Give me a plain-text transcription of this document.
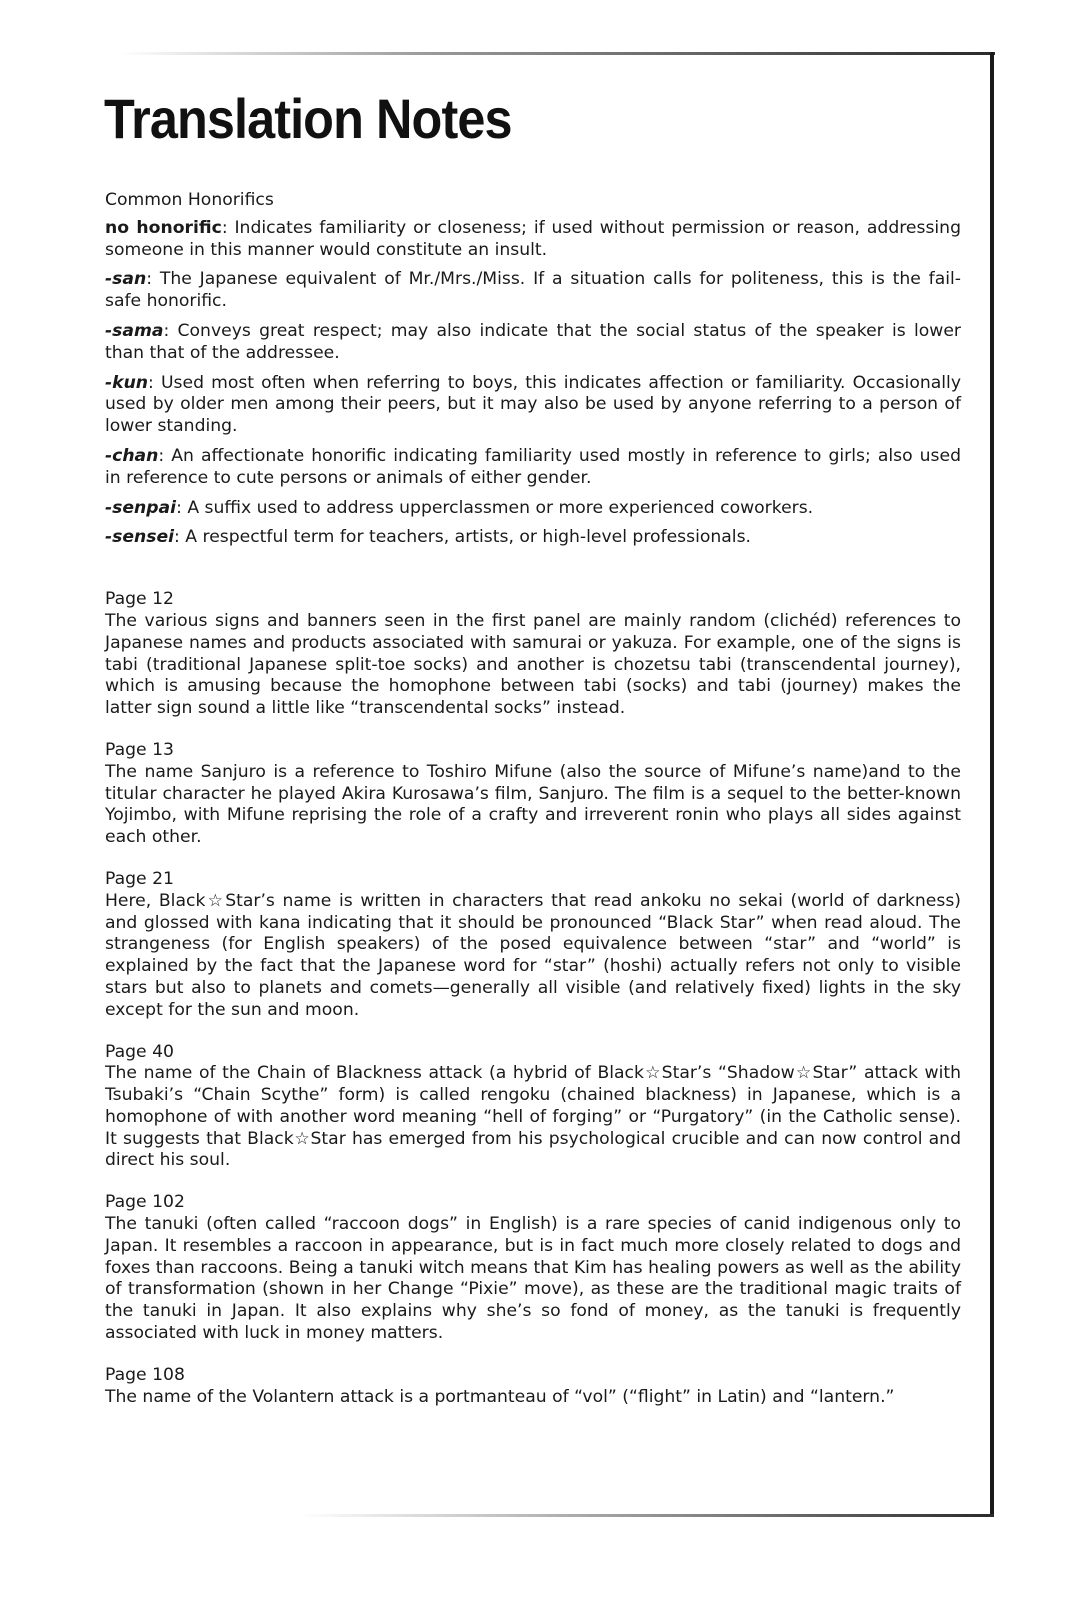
Translation Notes
Common Honorifics

no honorific: Indicates familiarity or closeness; if used without permission or reason, addressing someone in this manner would constitute an insult.

-san: The Japanese equivalent of Mr./Mrs./Miss. If a situation calls for politeness, this is the fail-safe honorific.

-sama: Conveys great respect; may also indicate that the social status of the speaker is lower than that of the addressee.

-kun: Used most often when referring to boys, this indicates affection or familiarity. Occasionally used by older men among their peers, but it may also be used by anyone referring to a person of lower standing.

-chan: An affectionate honorific indicating familiarity used mostly in reference to girls; also used in reference to cute persons or animals of either gender.

-senpai: A suffix used to address upperclassmen or more experienced coworkers.

-sensei: A respectful term for teachers, artists, or high-level professionals.

Page 12
The various signs and banners seen in the first panel are mainly random (clichéd) references to Japanese names and products associated with samurai or yakuza. For example, one of the signs is tabi (traditional Japanese split-toe socks) and another is chozetsu tabi (transcendental journey), which is amusing because the homophone between tabi (socks) and tabi (journey) makes the latter sign sound a little like “transcendental socks” instead.

Page 13
The name Sanjuro is a reference to Toshiro Mifune (also the source of Mifune’s name)and to the titular character he played Akira Kurosawa’s film, Sanjuro. The film is a sequel to the better-known Yojimbo, with Mifune reprising the role of a crafty and irreverent ronin who plays all sides against each other.

Page 21
Here, Black☆Star’s name is written in characters that read ankoku no sekai (world of darkness) and glossed with kana indicating that it should be pronounced “Black Star” when read aloud. The strangeness (for English speakers) of the posed equivalence between “star” and “world” is explained by the fact that the Japanese word for “star” (hoshi) actually refers not only to visible stars but also to planets and comets—generally all visible (and relatively fixed) lights in the sky except for the sun and moon.

Page 40
The name of the Chain of Blackness attack (a hybrid of Black☆Star’s “Shadow☆Star” attack with Tsubaki’s “Chain Scythe” form) is called rengoku (chained blackness) in Japanese, which is a homophone of with another word meaning “hell of forging” or “Purgatory” (in the Catholic sense). It suggests that Black☆Star has emerged from his psychological crucible and can now control and direct his soul.

Page 102
The tanuki (often called “raccoon dogs” in English) is a rare species of canid indigenous only to Japan. It resembles a raccoon in appearance, but is in fact much more closely related to dogs and foxes than raccoons. Being a tanuki witch means that Kim has healing powers as well as the ability of transformation (shown in her Change “Pixie” move), as these are the traditional magic traits of the tanuki in Japan. It also explains why she’s so fond of money, as the tanuki is frequently associated with luck in money matters.

Page 108
The name of the Volantern attack is a portmanteau of “vol” (“flight” in Latin) and “lantern.”
